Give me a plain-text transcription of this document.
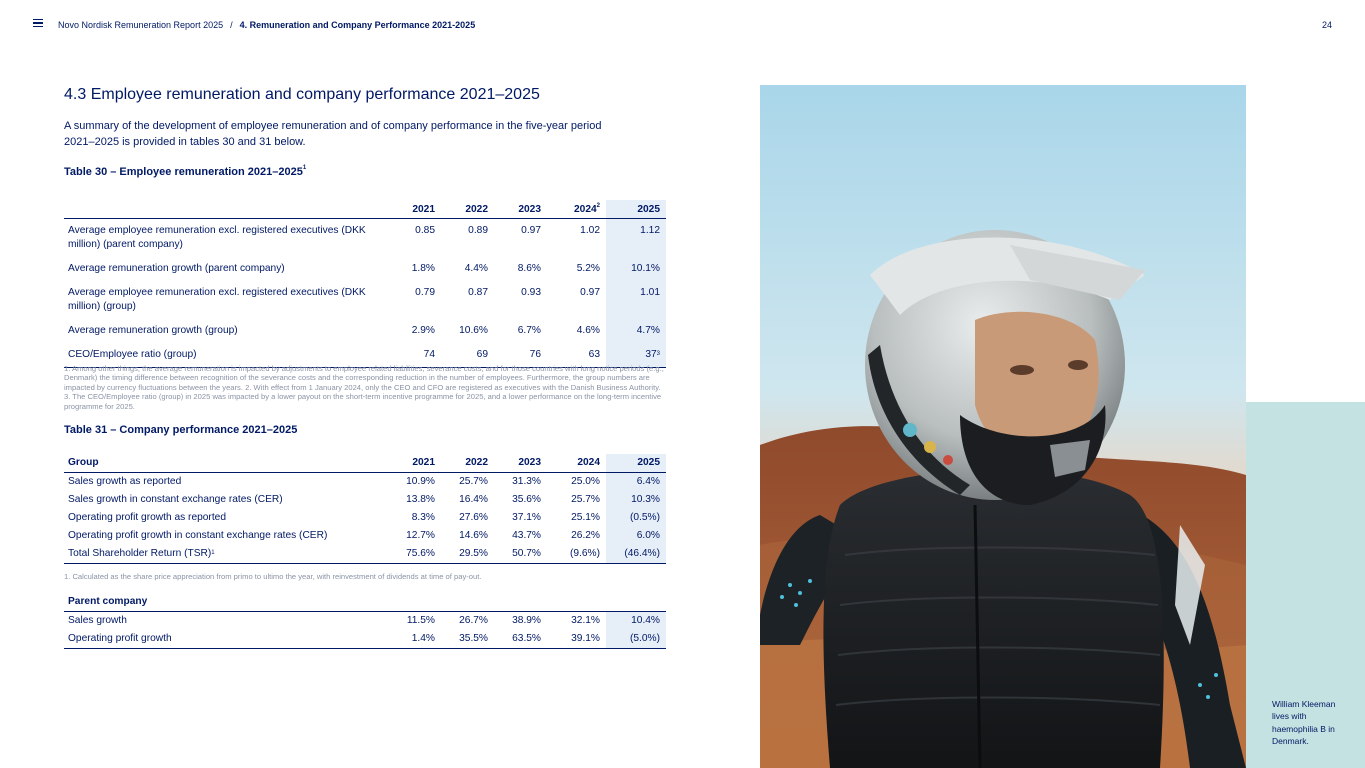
Novo Nordisk Remuneration Report 2025 / 4. Remuneration and Company Performance 2021-2025	24
4.3 Employee remuneration and company performance 2021–2025

A summary of the development of employee remuneration and of company performance in the five-year period 2021–2025 is provided in tables 30 and 31 below.

Table 30 – Employee remuneration 2021–2025$^1$

	2021	2022	2023	2024$^2$	2025
Average employee remuneration excl. registered executives (DKK million) (parent company)	0.85	0.89	0.97	1.02	1.12
Average remuneration growth (parent company)	1.8%	4.4%	8.6%	5.2%	10.1%
Average employee remuneration excl. registered executives (DKK million) (group)	0.79	0.87	0.93	0.97	1.01
Average remuneration growth (group)	2.9%	10.6%	6.7%	4.6%	4.7%
CEO/Employee ratio (group)	74	69	76	63	$37^3$

1. Among other things, the average remuneration is impacted by adjustments to employee related liabilities, severance costs, and for those countries with long notice periods (e.g., Denmark) the timing difference between recognition of the severance costs and the corresponding reduction in the number of employees. Furthermore, the group numbers are impacted by currency fluctuations between the years. 2. With effect from 1 January 2024, only the CEO and CFO are registered as executives with the Danish Business Authority. 3. The CEO/Employee ratio (group) in 2025 was impacted by a lower payout on the short-term incentive programme for 2025, and a lower performance on the long-term incentive programme for 2025.

Table 31 – Company performance 2021–2025

Group	2021	2022	2023	2024	2025
Sales growth as reported	10.9%	25.7%	31.3%	25.0%	6.4%
Sales growth in constant exchange rates (CER)	13.8%	16.4%	35.6%	25.7%	10.3%
Operating profit growth as reported	8.3%	27.6%	37.1%	25.1%	(0.5%)
Operating profit growth in constant exchange rates (CER)	12.7%	14.6%	43.7%	26.2%	6.0%
Total Shareholder Return (TSR)$^1$	75.6%	29.5%	50.7%	(9.6%)	(46.4%)

1. Calculated as the share price appreciation from primo to ultimo the year, with reinvestment of dividends at time of pay-out.

Parent company					
Sales growth	11.5%	26.7%	38.9%	32.1%	10.4%
Operating profit growth	1.4%	35.5%	63.5%	39.1%	(5.0%)
William Kleeman lives with haemophilia B in Denmark.
